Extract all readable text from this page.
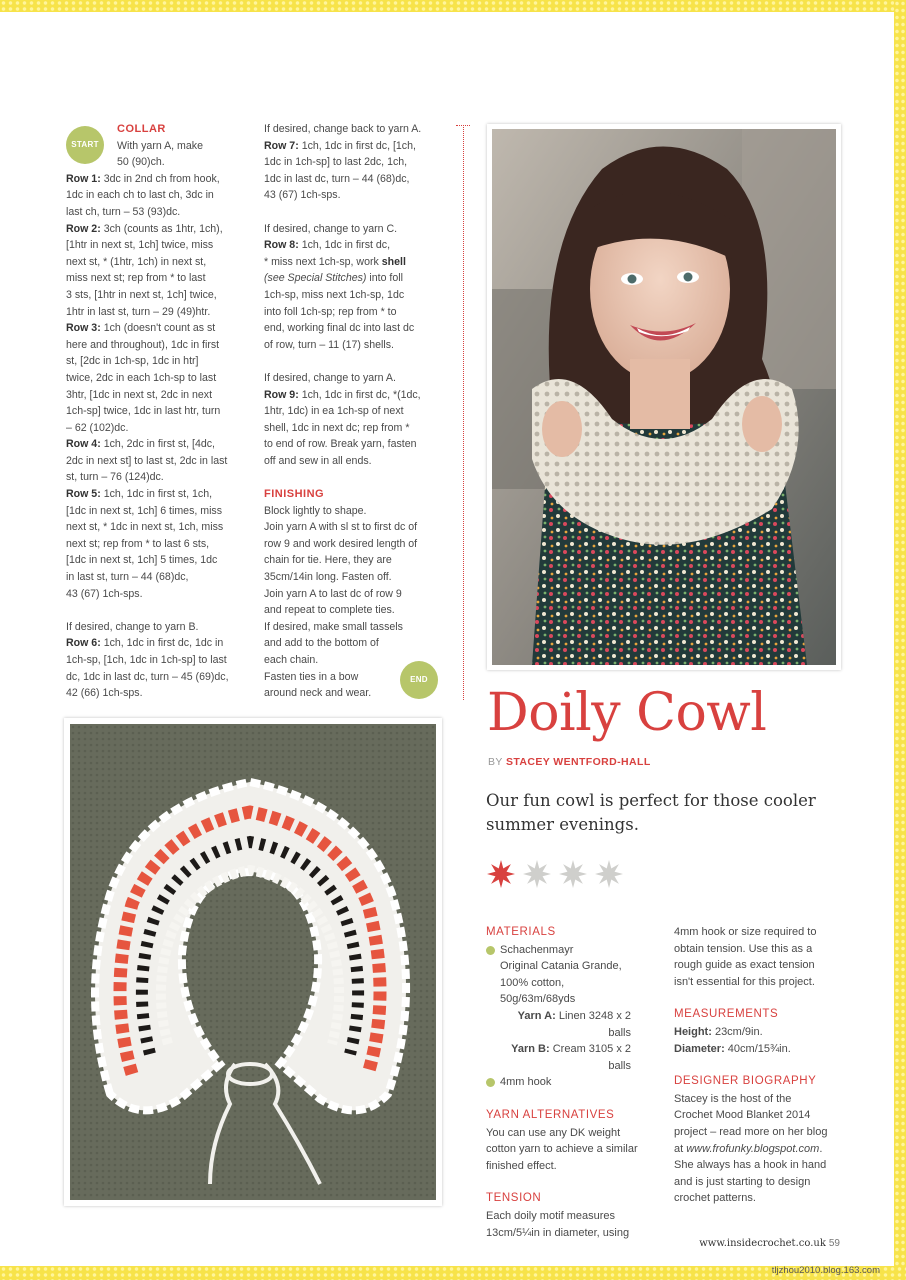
START
COLLAR
With yarn A, make
50 (90)ch.
Row 1: 3dc in 2nd ch from hook,
1dc in each ch to last ch, 3dc in
last ch, turn – 53 (93)dc.
Row 2: 3ch (counts as 1htr, 1ch),
[1htr in next st, 1ch] twice, miss
next st, * (1htr, 1ch) in next st,
miss next st; rep from * to last
3 sts, [1htr in next st, 1ch] twice,
1htr in last st, turn – 29 (49)htr.
Row 3: 1ch (doesn't count as st
here and throughout), 1dc in first
st, [2dc in 1ch-sp, 1dc in htr]
twice, 2dc in each 1ch-sp to last
3htr, [1dc in next st, 2dc in next
1ch-sp] twice, 1dc in last htr, turn
– 62 (102)dc.
Row 4: 1ch, 2dc in first st, [4dc,
2dc in next st] to last st, 2dc in last
st, turn – 76 (124)dc.
Row 5: 1ch, 1dc in first st, 1ch,
[1dc in next st, 1ch] 6 times, miss
next st, * 1dc in next st, 1ch, miss
next st; rep from * to last 6 sts,
[1dc in next st, 1ch] 5 times, 1dc
in last st, turn – 44 (68)dc,
43 (67) 1ch-sps.
If desired, change to yarn B.
Row 6: 1ch, 1dc in first dc, 1dc in
1ch-sp, [1ch, 1dc in 1ch-sp] to last
dc, 1dc in last dc, turn – 45 (69)dc,
42 (66) 1ch-sps.
If desired, change back to yarn A.
Row 7: 1ch, 1dc in first dc, [1ch,
1dc in 1ch-sp] to last 2dc, 1ch,
1dc in last dc, turn – 44 (68)dc,
43 (67) 1ch-sps.
If desired, change to yarn C.
Row 8: 1ch, 1dc in first dc,
* miss next 1ch-sp, work shell
(see Special Stitches) into foll
1ch-sp, miss next 1ch-sp, 1dc
into foll 1ch-sp; rep from * to
end, working final dc into last dc
of row, turn – 11 (17) shells.
If desired, change to yarn A.
Row 9: 1ch, 1dc in first dc, *(1dc,
1htr, 1dc) in ea 1ch-sp of next
shell, 1dc in next dc; rep from *
to end of row. Break yarn, fasten
off and sew in all ends.
FINISHING
Block lightly to shape.
Join yarn A with sl st to first dc of
row 9 and work desired length of
chain for tie. Here, they are
35cm/14in long. Fasten off.
Join yarn A to last dc of row 9
and repeat to complete ties.
If desired, make small tassels
and add to the bottom of
each chain.
Fasten ties in a bow
around neck and wear.
END
Doily Cowl
BY STACEY WENTFORD-HALL
Our fun cowl is perfect for those cooler
summer evenings.
MATERIALS
Schachenmayr
Original Catania Grande,
100% cotton,
50g/63m/68yds
Yarn A: Linen 3248 x 2 balls
Yarn B: Cream 3105 x 2 balls
4mm hook
YARN ALTERNATIVES
You can use any DK weight
cotton yarn to achieve a similar
finished effect.
TENSION
Each doily motif measures
13cm/5¼in in diameter, using
4mm hook or size required to
obtain tension. Use this as a
rough guide as exact tension
isn't essential for this project.
MEASUREMENTS
Height: 23cm/9in.
Diameter: 40cm/15¾in.
DESIGNER BIOGRAPHY
Stacey is the host of the
Crochet Mood Blanket 2014
project – read more on her blog
at www.frofunky.blogspot.com.
She always has a hook in hand
and is just starting to design
crochet patterns.
www.insidecrochet.co.uk 59
tljzhou2010.blog.163.com
